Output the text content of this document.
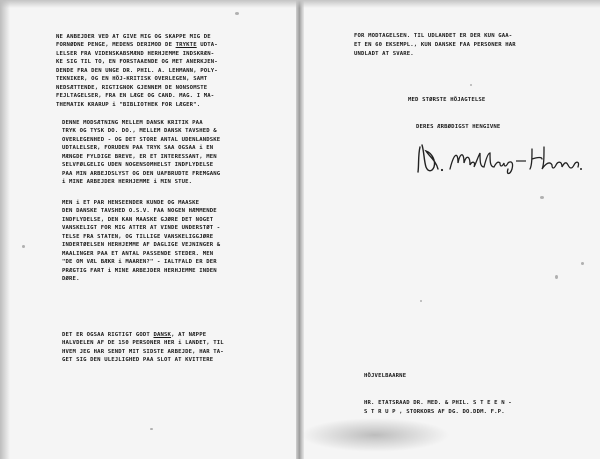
NE ANBEJDER VED AT GIVE MIG OG SKAPPE MIG DE
FORNØDNE PENGE, MEDENS DERIMOD DE TRYKTE UDTA-
LELSER FRA VIDENSKABSMÆND HERHJEMME INDSKRÆN-
KE SIG TIL TO, EN FORSTAAENDE OG MET ANERKJEN-
DENDE FRA DEN UNGE DR. PHIL. A. LEHMANN, POLY-
TEKNIKER, OG EN HÖJ-KRITISK OVERLEGEN, SAMT
NEDSÆTTENDE, RIGTIGNOK GJENNEM DE NONSOMSTE
FEJLTAGELSER, FRA EN LÆGE OG CAND. MAG. I MA-
THEMATIK KRARUP i "BIBLIOTHEK FOR LÆGER".
DENNE MODSÆTNING MELLEM DANSK KRITIK PAA
TRYK OG TYSK DO. DO., MELLEM DANSK TAVSHED &
OVERLEGENHED - OG DET STORE ANTAL UDENLANDSKE
UDTALELSER, FORUDEN PAA TRYK SAA OGSAA i EN
MÆNGDE FYLDIGE BREVE, ER ET INTERESSANT, MEN
SELVFØLGELIG UDEN NOGENSOMHELST INDFLYDELSE
PAA MIN ARBEJDSLYST OG DEN UAFBRUDTE FREMGANG
i MINE ARBEJDER HERHJEMME i MIN STUE.
MEN i ET PAR HENSEENDER KUNDE OG MAASKE
DEN DANSKE TAVSHED O.S.V. FAA NOGEN HÆMMENDE
INDFLYDELSE, DEN KAN MAASKE GJØRE DET NOGET
VANSKELIGT FOR MIG ATTER AT VINDE UNDERSTØT -
TELSE FRA STATEN, OG TILLIGE VANSKELIGGJØRE
INDERTØELSEN HERHJEMME AF DAGLIGE VEJNINGER &
MAALINGER PAA ET ANTAL PASSENDE STEDER. MEN
"DE OM VÆL BÆKR i MAAREN?" - IALTFALD ER DER
PRÆGTIG FART i MINE ARBEJDER HERHJEMME INDEN
DØRE.
DET ER OGSAA RIGTIGT GODT DANSK, AT NÆPPE
HALVDELEN AF DE 150 PERSONER HER i LANDET, TIL
HVEM JEG HAR SENDT MIT SIDSTE ARBEJDE, HAR TA-
GET SIG DEN ULEJLIGHED PAA SLOT AT KVITTERE
FOR MODTAGELSEN. TIL UDLANDET ER DER KUN GAA-
ET EN 60 EKSEMPL., KUN DANSKE FAA PERSONER HAR
UNDLADT AT SVARE.
MED STØRSTE HÖJAGTELSE
DERES ÆRBØDIGST HENGIVNE
HÖJVELBAARNE
HR. ETATSRAAD DR. MED. & PHIL. S T E E N -
S T R U P , STORKORS AF DG. DO.DDM. F.P.
